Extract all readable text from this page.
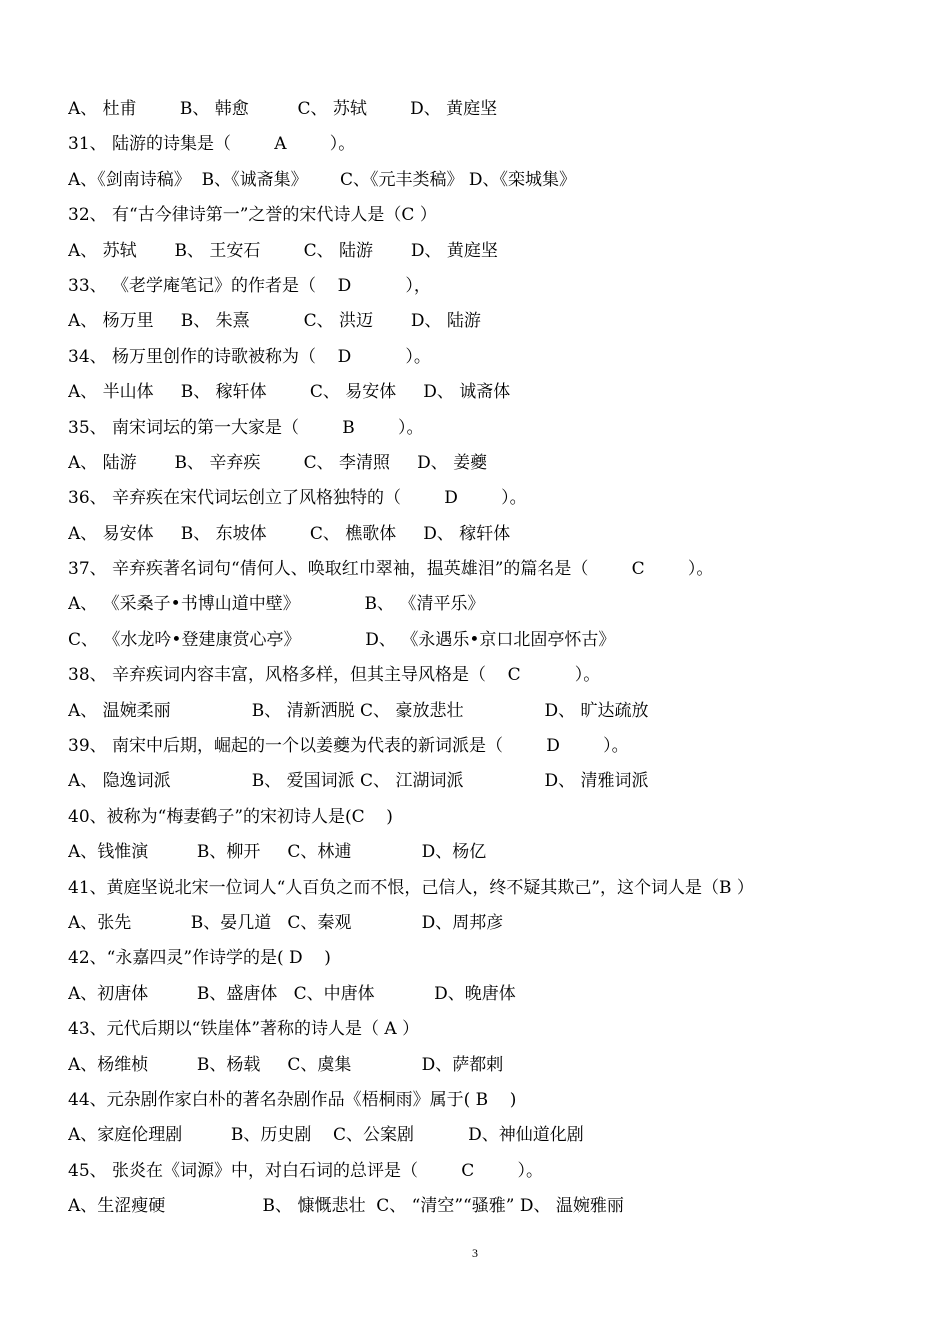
A、 杜甫        B、 韩愈         C、 苏轼        D、 黄庭坚
31、 陆游的诗集是（        A        ）。
A、《剑南诗稿》  B、《诚斋集》      C、《元丰类稿》 D、《栾城集》
32、 有“古今律诗第一”之誉的宋代诗人是（C ）
A、 苏轼       B、 王安石        C、 陆游       D、 黄庭坚
33、 《老学庵笔记》的作者是（    D          ），
A、 杨万里     B、 朱熹          C、 洪迈       D、 陆游
34、 杨万里创作的诗歌被称为（    D          ）。
A、 半山体     B、 稼轩体        C、 易安体     D、 诚斋体
35、 南宋词坛的第一大家是（        B        ）。
A、 陆游       B、 辛弃疾        C、 李清照     D、 姜夔
36、 辛弃疾在宋代词坛创立了风格独特的（        D        ）。
A、 易安体     B、 东坡体        C、 樵歌体     D、 稼轩体
37、 辛弃疾著名词句“倩何人、唤取红巾翠袖，揾英雄泪”的篇名是（        C        ）。
A、 《采桑子•书博山道中壁》            B、 《清平乐》
C、 《水龙吟•登建康赏心亭》            D、 《永遇乐•京口北固亭怀古》
38、 辛弃疾词内容丰富，风格多样，但其主导风格是（    C          ）。
A、 温婉柔丽               B、 清新洒脱 C、 豪放悲壮               D、 旷达疏放
39、 南宋中后期，崛起的一个以姜夔为代表的新词派是（        D        ）。
A、 隐逸词派               B、 爱国词派 C、 江湖词派               D、 清雅词派
40、被称为“梅妻鹤子”的宋初诗人是(C    )
A、钱惟演         B、柳开     C、林逋             D、杨亿
41、黄庭坚说北宋一位词人“人百负之而不恨，己信人，终不疑其欺己”，这个词人是（B ）
A、张先           B、晏几道   C、秦观             D、周邦彦
42、“永嘉四灵”作诗学的是( D    )
A、初唐体         B、盛唐体   C、中唐体           D、晚唐体
43、元代后期以“铁崖体”著称的诗人是（ A ）
A、杨维桢         B、杨载     C、虞集             D、萨都剌
44、元杂剧作家白朴的著名杂剧作品《梧桐雨》属于( B    )
A、家庭伦理剧         B、历史剧    C、公案剧          D、神仙道化剧
45、 张炎在《词源》中，对白石词的总评是（        C        ）。
A、生涩瘦硬                  B、 慷慨悲壮  C、 “清空”“骚雅” D、 温婉雅丽
3
